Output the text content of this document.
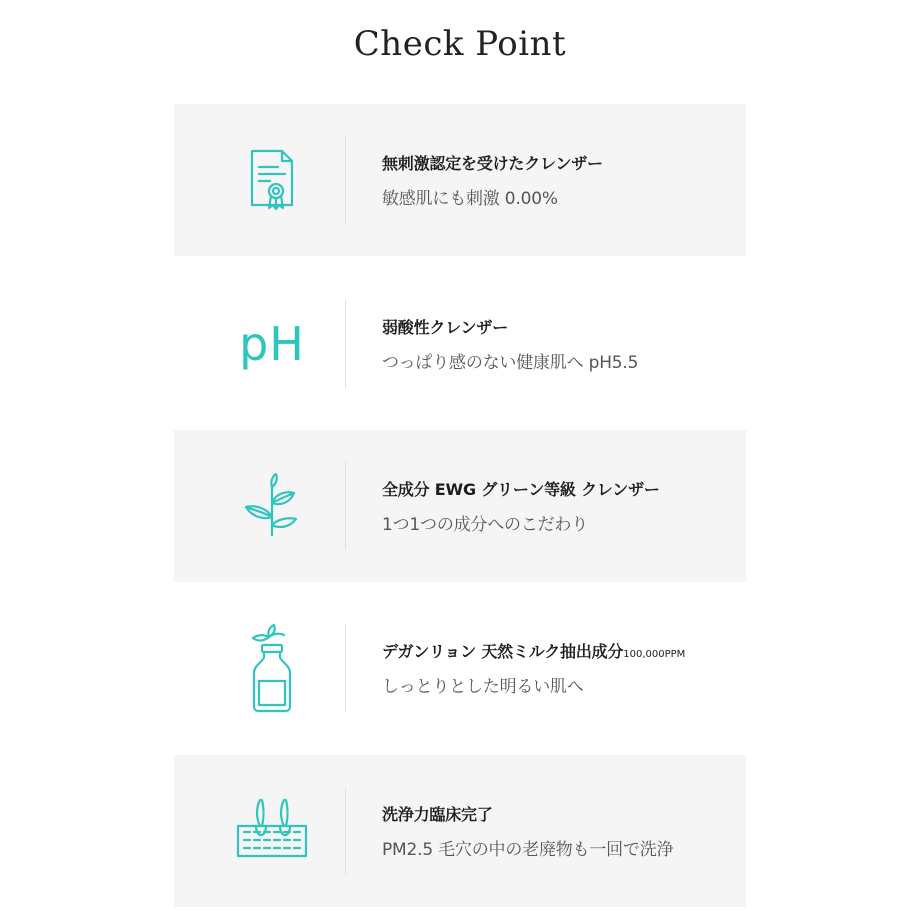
Check Point
無刺激認定を受けたクレンザー
敏感肌にも刺激 0.00%
pH	弱酸性クレンザー
つっぱり感のない健康肌へ pH5.5
全成分 EWG グリーン等級 クレンザー
1つ1つの成分へのこだわり
デガンリョン 天然ミルク抽出成分100,000PPM
しっとりとした明るい肌へ
洗浄力臨床完了
PM2.5 毛穴の中の老廃物も一回で洗浄
